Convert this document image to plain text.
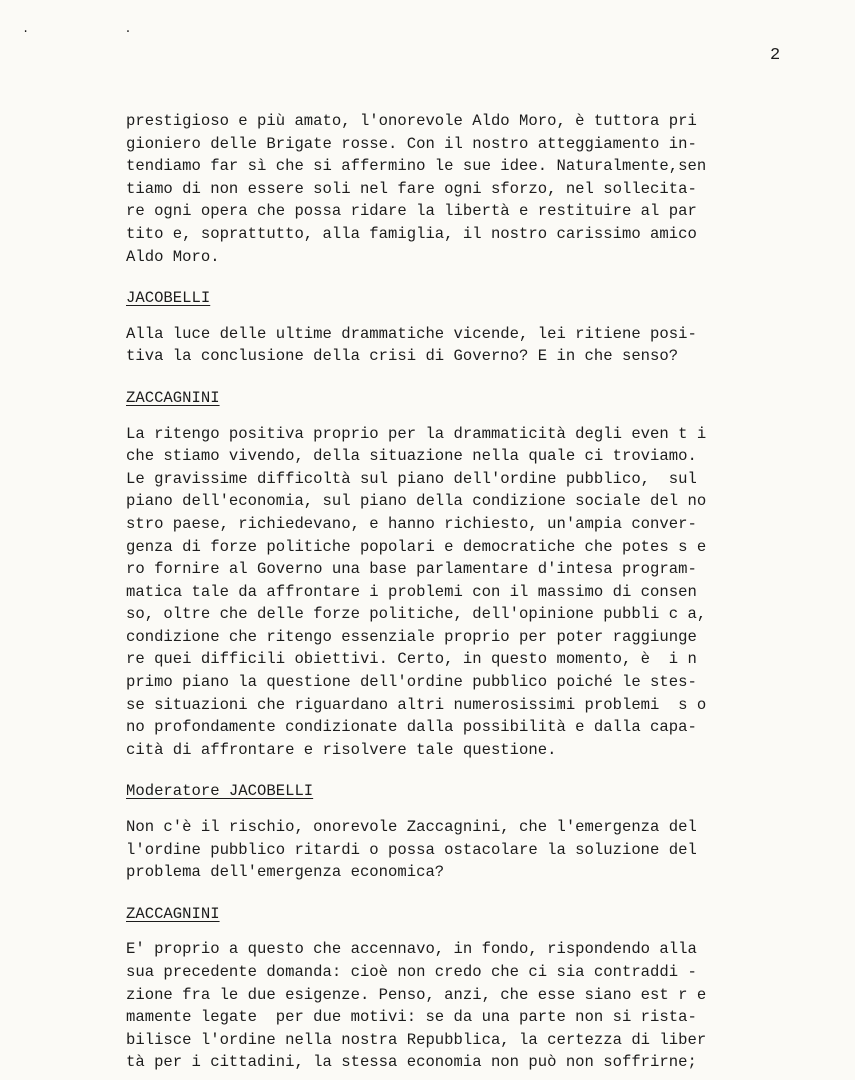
. .
2
prestigioso e più amato, l'onorevole Aldo Moro, è tuttora pri
gioniero delle Brigate rosse. Con il nostro atteggiamento in-
tendiamo far sì che si affermino le sue idee. Naturalmente,sen
tiamo di non essere soli nel fare ogni sforzo, nel sollecita-
re ogni opera che possa ridare la libertà e restituire al par
tito e, soprattutto, alla famiglia, il nostro carissimo amico
Aldo Moro.
JACOBELLI
Alla luce delle ultime drammatiche vicende, lei ritiene posi-
tiva la conclusione della crisi di Governo? E in che senso?
ZACCAGNINI
La ritengo positiva proprio per la drammaticità degli even t i
che stiamo vivendo, della situazione nella quale ci troviamo.
Le gravissime difficoltà sul piano dell'ordine pubblico,  sul
piano dell'economia, sul piano della condizione sociale del no
stro paese, richiedevano, e hanno richiesto, un'ampia conver-
genza di forze politiche popolari e democratiche che potes s e
ro fornire al Governo una base parlamentare d'intesa program-
matica tale da affrontare i problemi con il massimo di consen
so, oltre che delle forze politiche, dell'opinione pubbli c a,
condizione che ritengo essenziale proprio per poter raggiunge
re quei difficili obiettivi. Certo, in questo momento, è  i n
primo piano la questione dell'ordine pubblico poiché le stes-
se situazioni che riguardano altri numerosissimi problemi  s o
no profondamente condizionate dalla possibilità e dalla capa-
cità di affrontare e risolvere tale questione.
Moderatore JACOBELLI
Non c'è il rischio, onorevole Zaccagnini, che l'emergenza del
l'ordine pubblico ritardi o possa ostacolare la soluzione del
problema dell'emergenza economica?
ZACCAGNINI
E' proprio a questo che accennavo, in fondo, rispondendo alla
sua precedente domanda: cioè non credo che ci sia contraddi -
zione fra le due esigenze. Penso, anzi, che esse siano est r e
mamente legate  per due motivi: se da una parte non si rista-
bilisce l'ordine nella nostra Repubblica, la certezza di liber
tà per i cittadini, la stessa economia non può non soffrirne;
